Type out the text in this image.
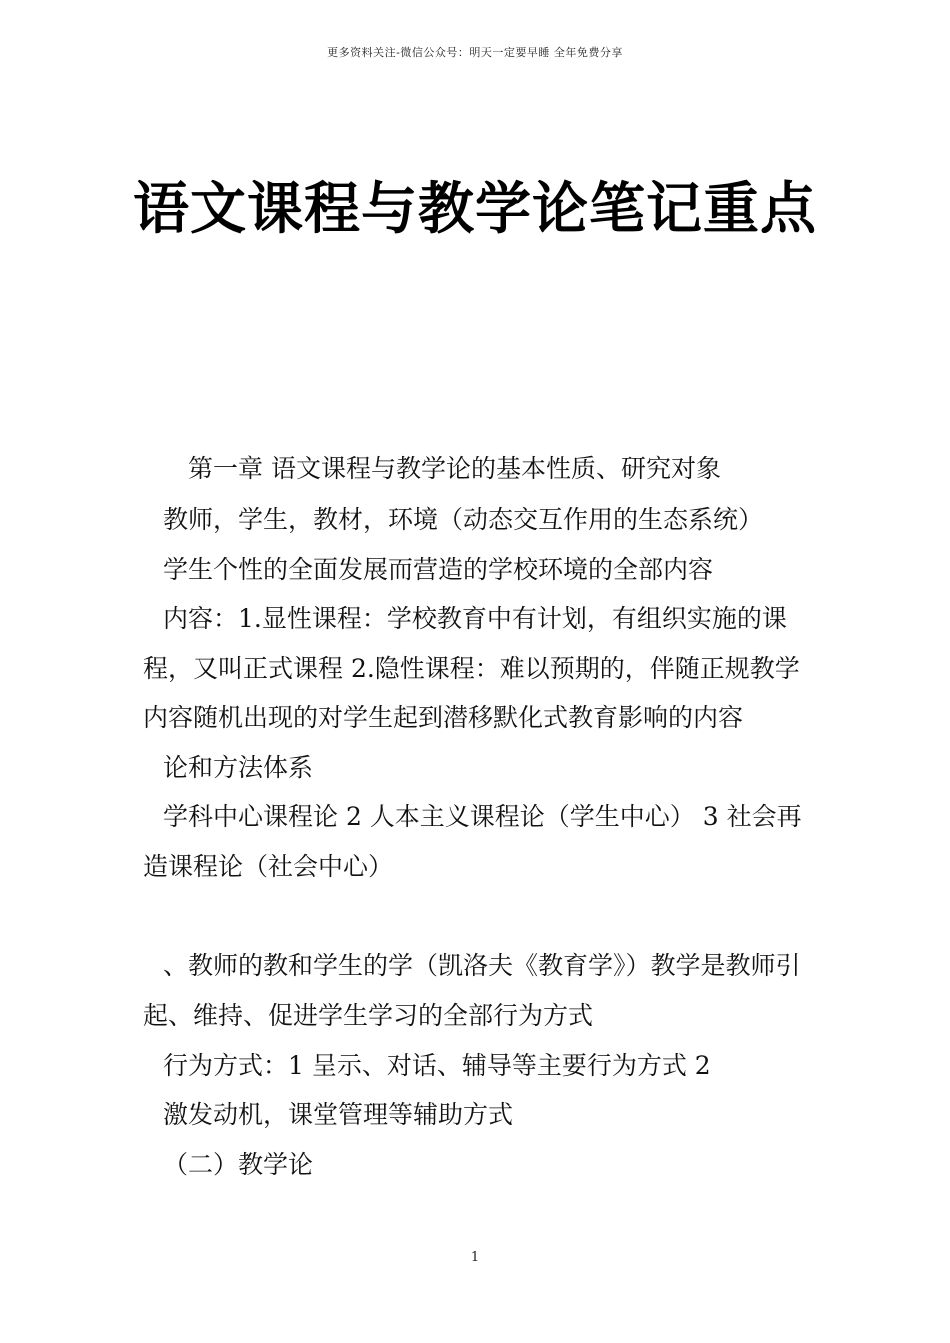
更多资料关注-微信公众号：明天一定要早睡 全年免费分享
语文课程与教学论笔记重点
第一章 语文课程与教学论的基本性质、研究对象
教师，学生，教材，环境（动态交互作用的生态系统）
学生个性的全面发展而营造的学校环境的全部内容
内容：1.显性课程：学校教育中有计划，有组织实施的课
程，又叫正式课程 2.隐性课程：难以预期的，伴随正规教学
内容随机出现的对学生起到潜移默化式教育影响的内容
论和方法体系
学科中心课程论 2 人本主义课程论（学生中心） 3 社会再
造课程论（社会中心）
、教师的教和学生的学（凯洛夫《教育学》）教学是教师引
起、维持、促进学生学习的全部行为方式
行为方式：1 呈示、对话、辅导等主要行为方式 2
激发动机，课堂管理等辅助方式
（二）教学论
1
